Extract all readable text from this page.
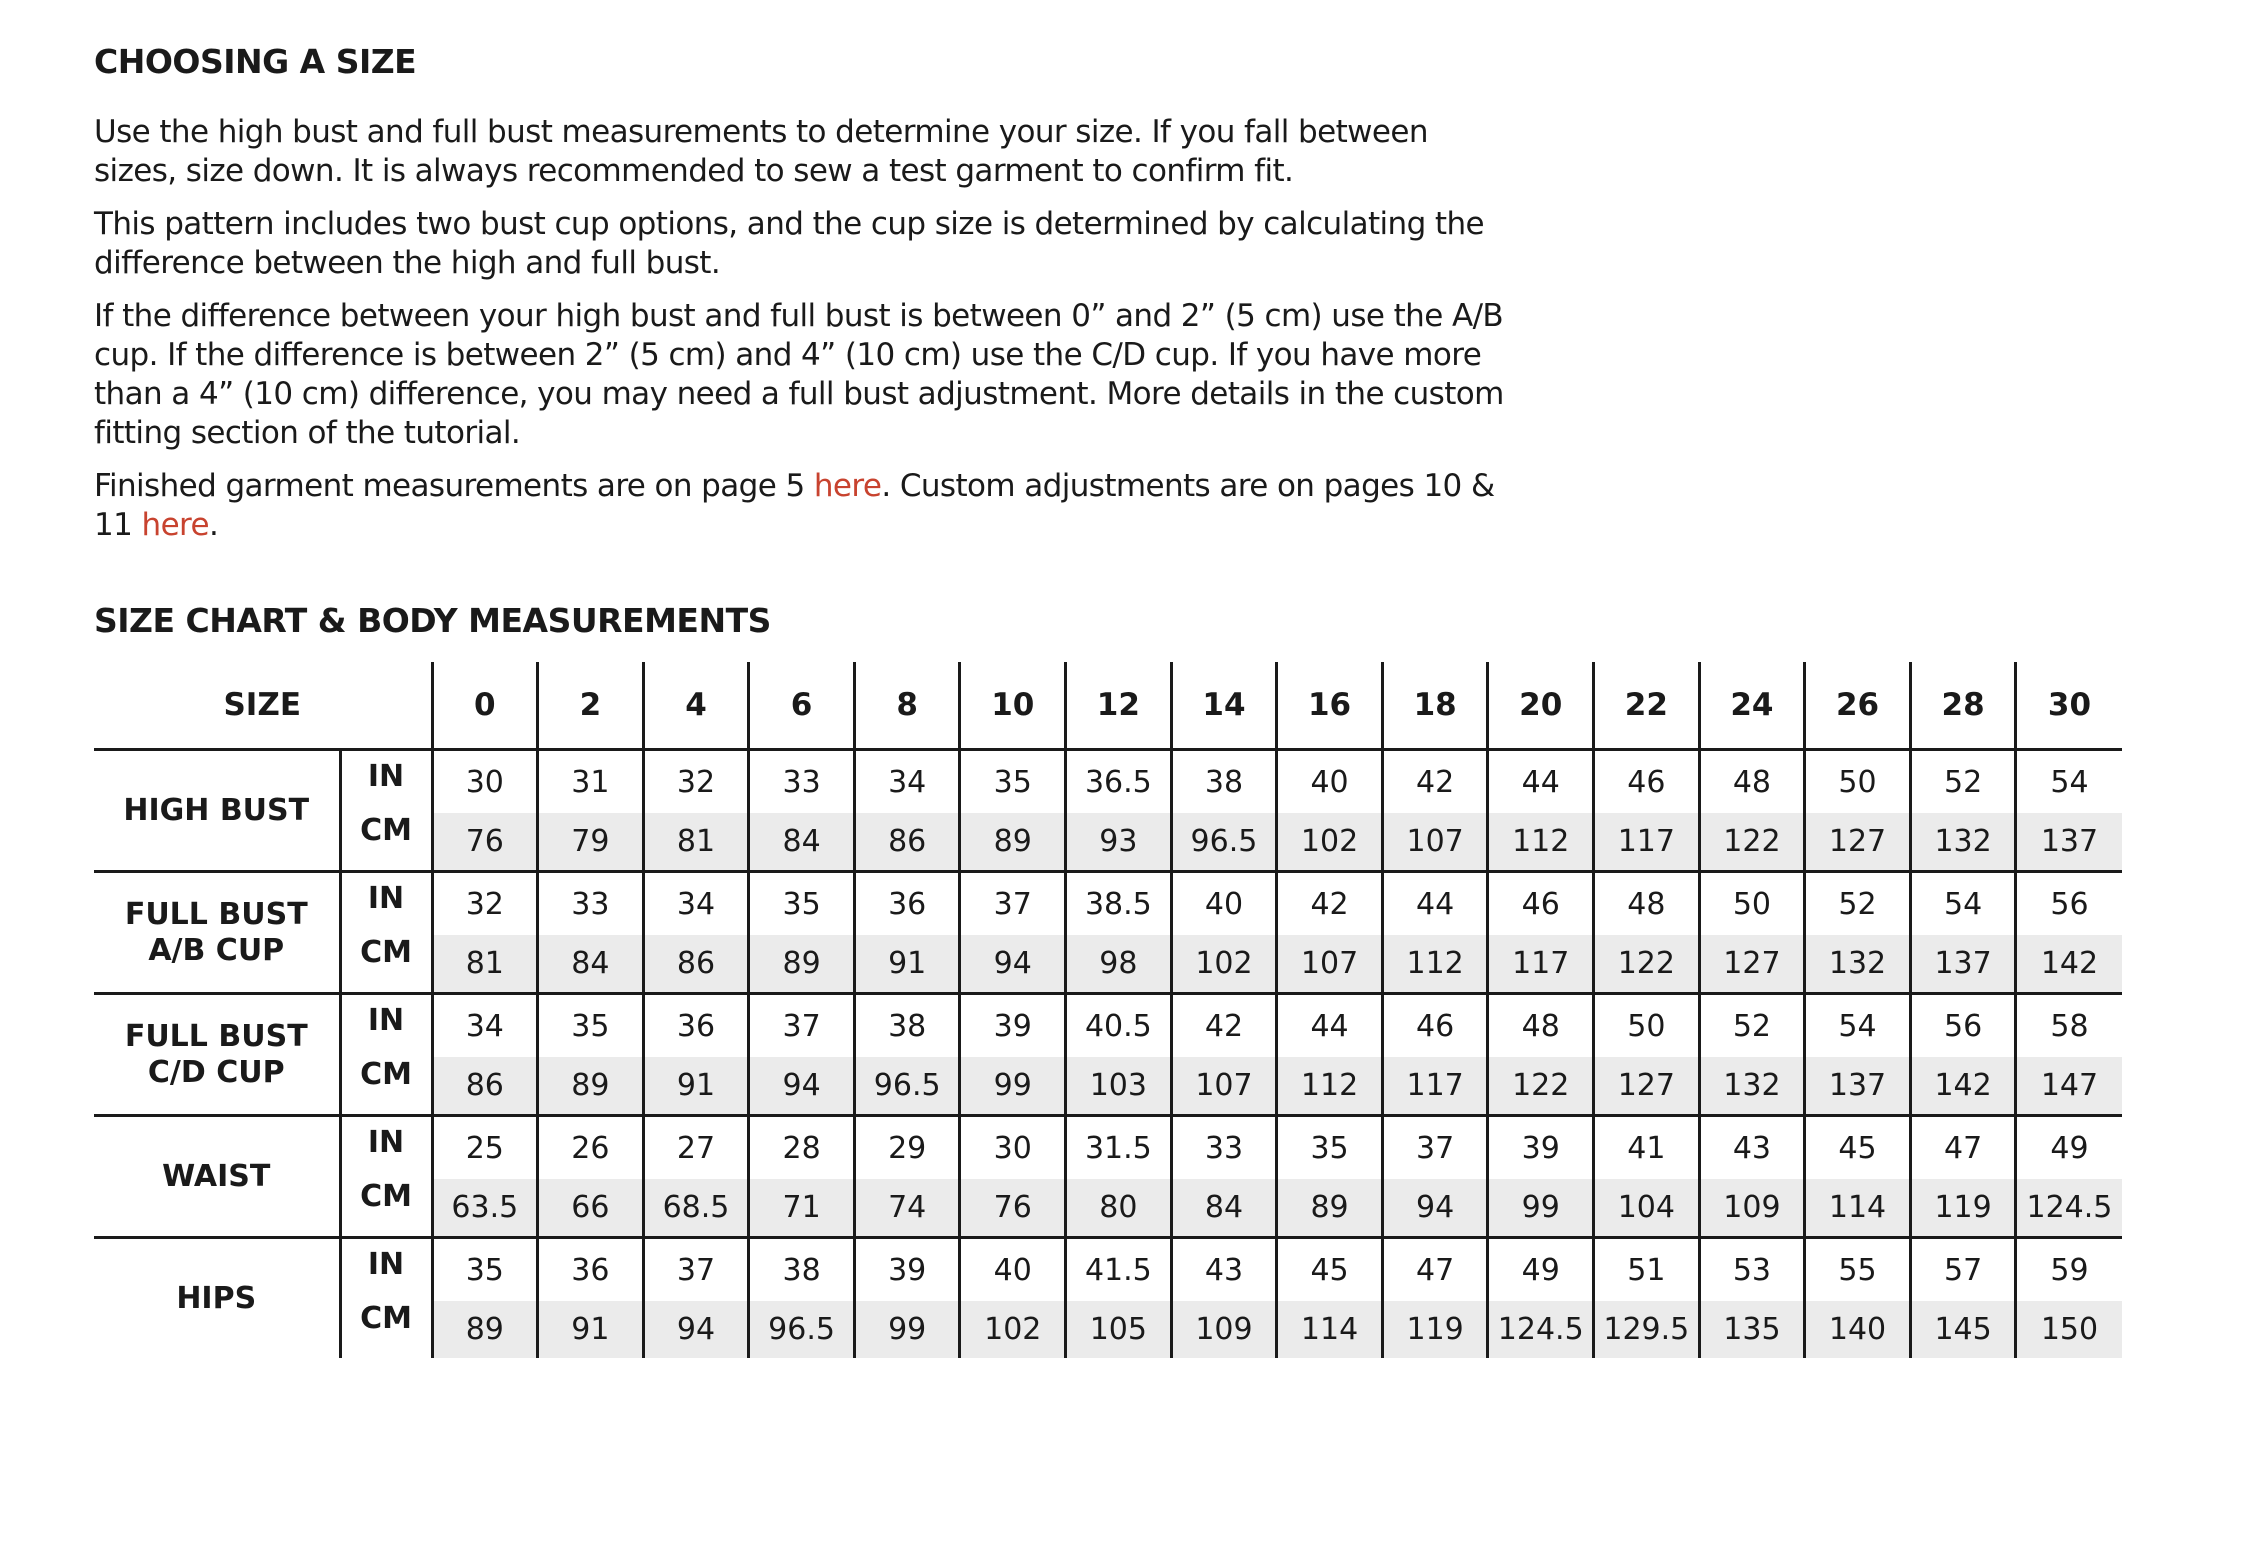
CHOOSING A SIZE

Use the high bust and full bust measurements to determine your size. If you fall between sizes, size down. It is always recommended to sew a test garment to confirm fit.

This pattern includes two bust cup options, and the cup size is determined by calculating the difference between the high and full bust.

If the difference between your high bust and full bust is between 0” and 2” (5 cm) use the A/B cup. If the difference is between 2” (5 cm) and 4” (10 cm) use the C/D cup. If you have more than a 4” (10 cm) difference, you may need a full bust adjustment. More details in the custom fitting section of the tutorial.

Finished garment measurements are on page 5 here. Custom adjustments are on pages 10 & 11 here.

SIZE CHART & BODY MEASUREMENTS
SIZE		0	2	4	6	8	10	12	14	16	18	20	22	24	26	28	30
HIGH BUST	IN	30	31	32	33	34	35	36.5	38	40	42	44	46	48	50	52	54
	CM	76	79	81	84	86	89	93	96.5	102	107	112	117	122	127	132	137
FULL BUST
A/B CUP	IN	32	33	34	35	36	37	38.5	40	42	44	46	48	50	52	54	56
	CM	81	84	86	89	91	94	98	102	107	112	117	122	127	132	137	142
FULL BUST
C/D CUP	IN	34	35	36	37	38	39	40.5	42	44	46	48	50	52	54	56	58
	CM	86	89	91	94	96.5	99	103	107	112	117	122	127	132	137	142	147
WAIST	IN	25	26	27	28	29	30	31.5	33	35	37	39	41	43	45	47	49
	CM	63.5	66	68.5	71	74	76	80	84	89	94	99	104	109	114	119	124.5
HIPS	IN	35	36	37	38	39	40	41.5	43	45	47	49	51	53	55	57	59
	CM	89	91	94	96.5	99	102	105	109	114	119	124.5	129.5	135	140	145	150
